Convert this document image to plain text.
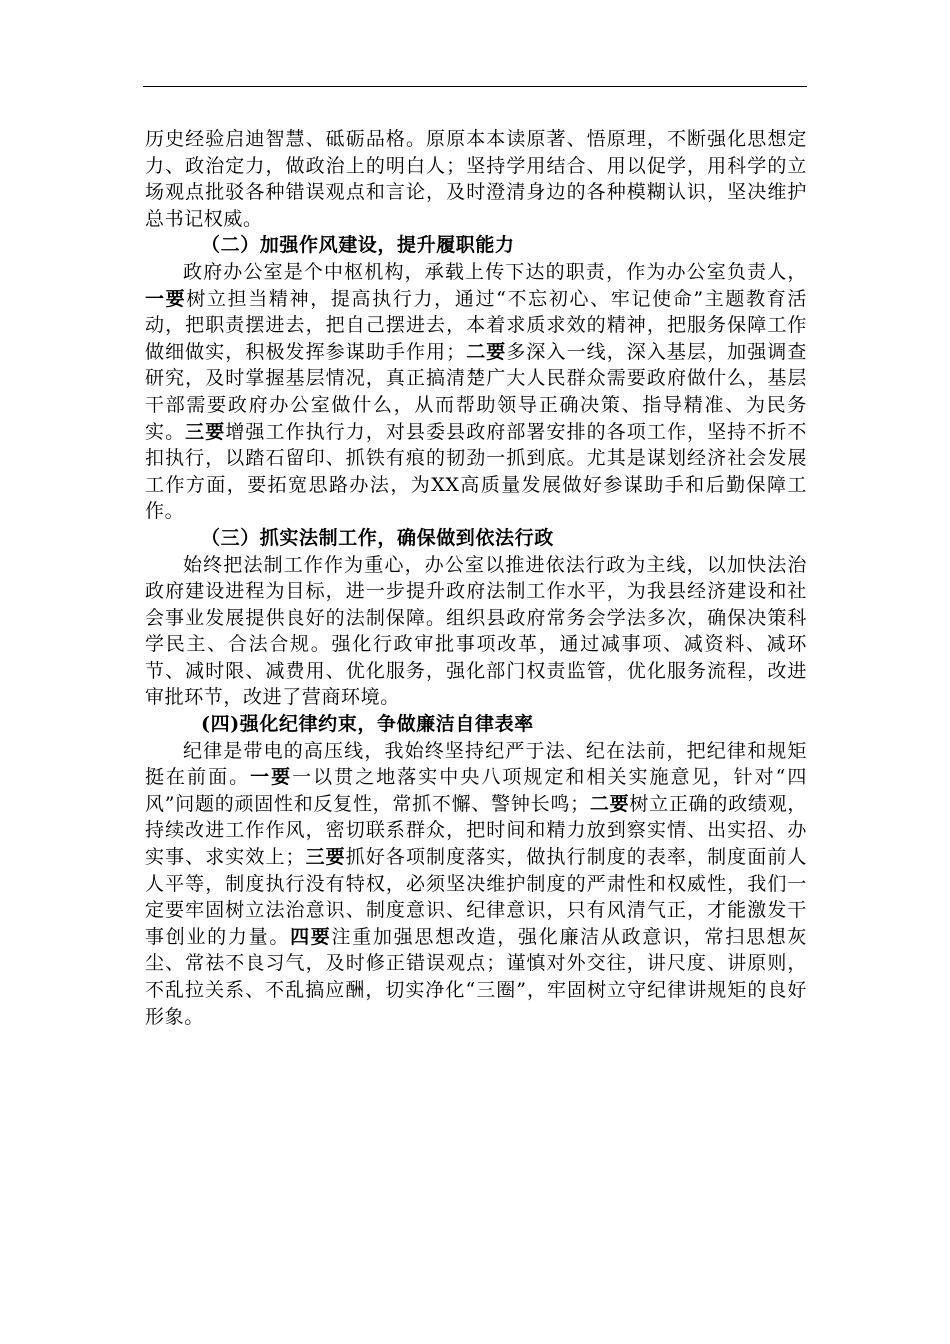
历史经验启迪智慧、砥砺品格。原原本本读原著、悟原理，不断强化思想定力、政治定力，做政治上的明白人；坚持学用结合、用以促学，用科学的立场观点批驳各种错误观点和言论，及时澄清身边的各种模糊认识，坚决维护总书记权威。

（二）加强作风建设，提升履职能力

政府办公室是个中枢机构，承载上传下达的职责，作为办公室负责人，一要树立担当精神，提高执行力，通过“不忘初心、牢记使命”主题教育活动，把职责摆进去，把自己摆进去，本着求质求效的精神，把服务保障工作做细做实，积极发挥参谋助手作用；二要多深入一线，深入基层，加强调查研究，及时掌握基层情况，真正搞清楚广大人民群众需要政府做什么，基层干部需要政府办公室做什么，从而帮助领导正确决策、指导精准、为民务实。三要增强工作执行力，对县委县政府部署安排的各项工作，坚持不折不扣执行，以踏石留印、抓铁有痕的韧劲一抓到底。尤其是谋划经济社会发展工作方面，要拓宽思路办法，为XX高质量发展做好参谋助手和后勤保障工作。

（三）抓实法制工作，确保做到依法行政

始终把法制工作作为重心，办公室以推进依法行政为主线，以加快法治政府建设进程为目标，进一步提升政府法制工作水平，为我县经济建设和社会事业发展提供良好的法制保障。组织县政府常务会学法多次，确保决策科学民主、合法合规。强化行政审批事项改革，通过减事项、减资料、减环节、减时限、减费用、优化服务，强化部门权责监管，优化服务流程，改进审批环节，改进了营商环境。

(四)强化纪律约束，争做廉洁自律表率

纪律是带电的高压线，我始终坚持纪严于法、纪在法前，把纪律和规矩挺在前面。一要一以贯之地落实中央八项规定和相关实施意见，针对“四风”问题的顽固性和反复性，常抓不懈、警钟长鸣；二要树立正确的政绩观，持续改进工作作风，密切联系群众，把时间和精力放到察实情、出实招、办实事、求实效上；三要抓好各项制度落实，做执行制度的表率，制度面前人人平等，制度执行没有特权，必须坚决维护制度的严肃性和权威性，我们一定要牢固树立法治意识、制度意识、纪律意识，只有风清气正，才能激发干事创业的力量。四要注重加强思想改造，强化廉洁从政意识，常扫思想灰尘、常祛不良习气，及时修正错误观点；谨慎对外交往，讲尺度、讲原则，不乱拉关系、不乱搞应酬，切实净化“三圈”，牢固树立守纪律讲规矩的良好形象。
